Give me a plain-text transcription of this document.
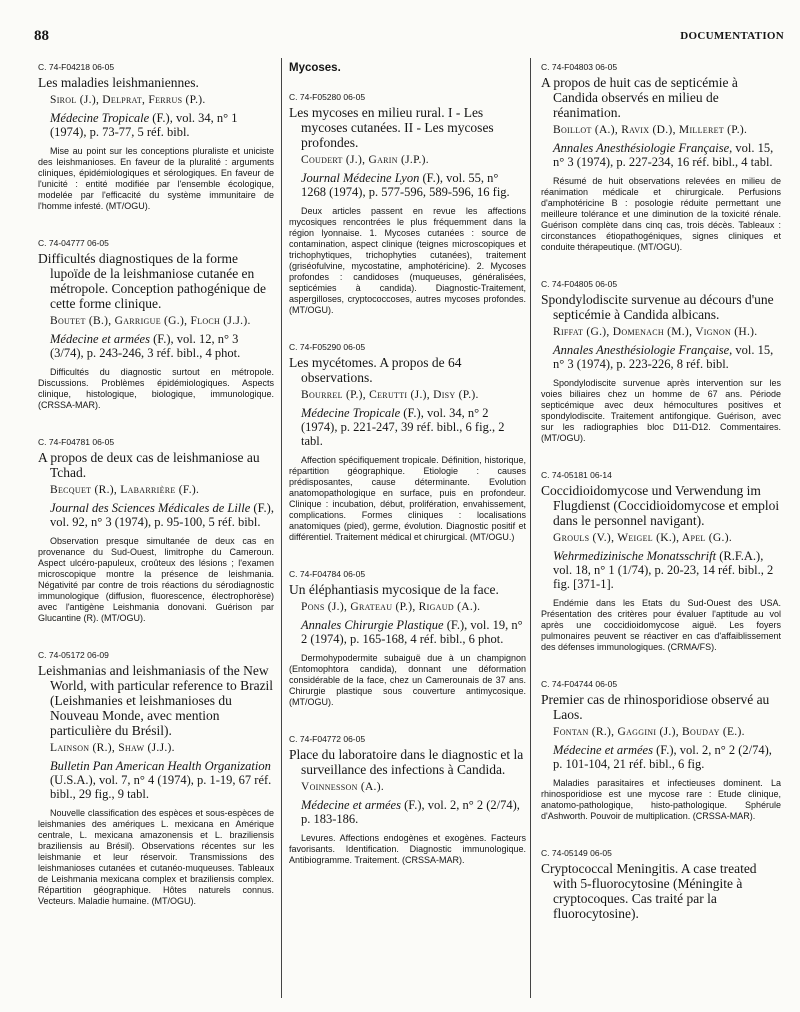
88	DOCUMENTATION
C. 74-F04218 06-05
Les maladies leishmaniennes.
Sirol (J.), Delprat, Ferrus (P.).
Médecine Tropicale (F.), vol. 34, n° 1 (1974), p. 73-77, 5 réf. bibl.
Mise au point sur les conceptions pluraliste et uniciste des leishmanioses. En faveur de la pluralité : arguments cliniques, épidémiologiques et sérologiques. En faveur de l'unicité : entité modifiée par l'ensemble écologique, modelée par l'efficacité du système immunitaire de l'homme infesté. (MT/OGU).
C. 74-04777 06-05
Difficultés diagnostiques de la forme lupoïde de la leishmaniose cutanée en métropole. Conception pathogénique de cette forme clinique.
Boutet (B.), Garrigue (G.), Floch (J.J.).
Médecine et armées (F.), vol. 12, n° 3 (3/74), p. 243-246, 3 réf. bibl., 4 phot.
Difficultés du diagnostic surtout en métropole. Discussions. Problèmes épidémiologiques. Aspects clinique, histologique, biologique, immunologique. (CRSSA-MAR).
C. 74-F04781 06-05
A propos de deux cas de leishmaniose au Tchad.
Becquet (R.), Labarrière (F.).
Journal des Sciences Médicales de Lille (F.), vol. 92, n° 3 (1974), p. 95-100, 5 réf. bibl.
Observation presque simultanée de deux cas en provenance du Sud-Ouest, limitrophe du Cameroun. Aspect ulcéro-papuleux, croûteux des lésions ; l'examen microscopique montre la présence de leishmania. Négativité par contre de trois réactions du sérodiagnostic immunologique (diffusion, fluorescence, électrophorèse) avec l'antigène Leishmania donovani. Guérison par Glucantine (R). (MT/OGU).
C. 74-05172 06-09
Leishmanias and leishmaniasis of the New World, with particular reference to Brazil (Leishmanies et leishmanioses du Nouveau Monde, avec mention particulière du Brésil).
Lainson (R.), Shaw (J.J.).
Bulletin Pan American Health Organization (U.S.A.), vol. 7, n° 4 (1974), p. 1-19, 67 réf. bibl., 29 fig., 9 tabl.
Nouvelle classification des espèces et sous-espèces de leishmanies des amériques L. mexicana en Amérique centrale, L. mexicana amazonensis et L. braziliensis braziliensis au Brésil). Observations récentes sur les leishmanie et leur réservoir. Transmissions des leishmanioses cutanées et cutanéo-muqueuses. Tableaux de Leishmania mexicana complex et braziliensis complex. Répartition géographique. Hôtes naturels connus. Vecteurs. Maladie humaine. (MT/OGU).
Mycoses.
C. 74-F05280 06-05
Les mycoses en milieu rural. I - Les mycoses cutanées. II - Les mycoses profondes.
Coudert (J.), Garin (J.P.).
Journal Médecine Lyon (F.), vol. 55, n° 1268 (1974), p. 577-596, 589-596, 16 fig.
Deux articles passent en revue les affections mycosiques rencontrées le plus fréquemment dans la région lyonnaise. 1. Mycoses cutanées : source de contamination, aspect clinique (teignes microscopiques et trichophytiques, trichophyties cutanées), traitement (griséofulvine, mycostatine, amphotéricine). 2. Mycoses profondes : candidoses (muqueuses, généralisées, septicémies à candida). Diagnostic-Traitement, aspergilloses, cryptococcoses, autres mycoses profondes. (MT/OGU).
C. 74-F05290 06-05
Les mycétomes. A propos de 64 observations.
Bourrel (P.), Cerutti (J.), Disy (P.).
Médecine Tropicale (F.), vol. 34, n° 2 (1974), p. 221-247, 39 réf. bibl., 6 fig., 2 tabl.
Affection spécifiquement tropicale. Définition, historique, répartition géographique. Etiologie : causes prédisposantes, cause déterminante. Evolution anatomopathologique en surface, puis en profondeur. Clinique : incubation, début, prolifération, envahissement, complications. Formes cliniques : localisations anatomiques (pied), germe, évolution. Diagnostic positif et différentiel. Traitement médical et chirurgical. (MT/OGU.)
C. 74-F04784 06-05
Un éléphantiasis mycosique de la face.
Pons (J.), Grateau (P.), Rigaud (A.).
Annales Chirurgie Plastique (F.), vol. 19, n° 2 (1974), p. 165-168, 4 réf. bibl., 6 phot.
Dermohypodermite subaiguë due à un champignon (Entomophtora candida), donnant une déformation considérable de la face, chez un Camerounais de 37 ans. Chirurgie plastique sous couverture antimycosique. (MT/OGU).
C. 74-F04772 06-05
Place du laboratoire dans le diagnostic et la surveillance des infections à Candida.
Voinnesson (A.).
Médecine et armées (F.), vol. 2, n° 2 (2/74), p. 183-186.
Levures. Affections endogènes et exogènes. Facteurs favorisants. Identification. Diagnostic immunologique. Antibiogramme. Traitement. (CRSSA-MAR).
C. 74-F04803 06-05
A propos de huit cas de septicémie à Candida observés en milieu de réanimation.
Boillot (A.), Ravix (D.), Milleret (P.).
Annales Anesthésiologie Française, vol. 15, n° 3 (1974), p. 227-234, 16 réf. bibl., 4 tabl.
Résumé de huit observations relevées en milieu de réanimation médicale et chirurgicale. Perfusions d'amphotéricine B : posologie réduite permettant une meilleure tolérance et une diminution de la toxicité rénale. Guérison complète dans cinq cas, trois décès. Tableaux : circonstances étiopathogéniques, signes cliniques et conduite thérapeutique. (MT/OGU).
C. 74-F04805 06-05
Spondylodiscite survenue au décours d'une septicémie à Candida albicans.
Riffat (G.), Domenach (M.), Vignon (H.).
Annales Anesthésiologie Française, vol. 15, n° 3 (1974), p. 223-226, 8 réf. bibl.
Spondylodiscite survenue après intervention sur les voies biliaires chez un homme de 67 ans. Période septicémique avec deux hémocultures positives et spondylodiscite. Traitement antifongique. Guérison, avec sur les radiographies bloc D11-D12. Commentaires. (MT/OGU).
C. 74-05181 06-14
Coccidioidomycose und Verwendung im Flugdienst (Coccidioidomycose et emploi dans le personnel navigant).
Grouls (V.), Weigel (K.), Apel (G.).
Wehrmedizinische Monatsschrift (R.F.A.), vol. 18, n° 1 (1/74), p. 20-23, 14 réf. bibl., 2 fig. [371-1].
Endémie dans les Etats du Sud-Ouest des USA. Présentation des critères pour évaluer l'aptitude au vol après une coccidioidomycose aiguë. Les foyers pulmonaires peuvent se réactiver en cas d'affaiblissement des défenses immunologiques. (CRMA/FS).
C. 74-F04744 06-05
Premier cas de rhinosporidiose observé au Laos.
Fontan (R.), Gaggini (J.), Bouday (E.).
Médecine et armées (F.), vol. 2, n° 2 (2/74), p. 101-104, 21 réf. bibl., 6 fig.
Maladies parasitaires et infectieuses dominent. La rhinosporidiose est une mycose rare : Etude clinique, anatomo-pathologique, histo-pathologique. Sphérule d'Ashworth. Pouvoir de multiplication. (CRSSA-MAR).
C. 74-05149 06-05
Cryptococcal Meningitis. A case treated with 5-fluorocytosine (Méningite à cryptocoques. Cas traité par la fluorocytosine).
